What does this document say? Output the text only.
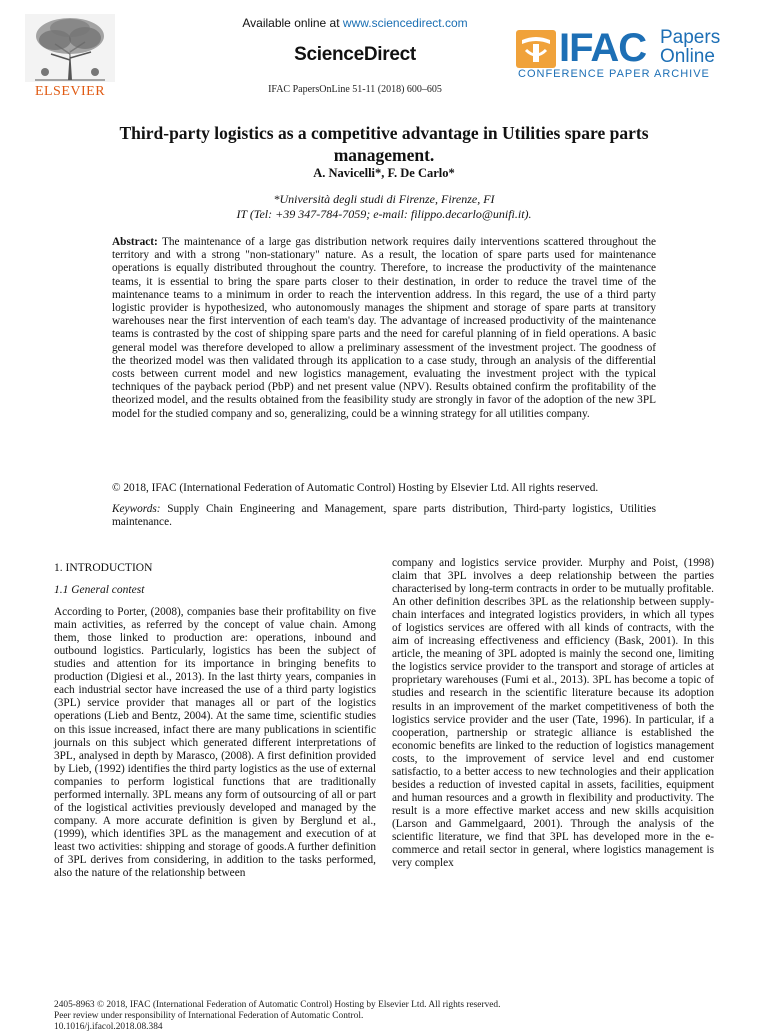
ELSEVIER
Available online at www.sciencedirect.com
ScienceDirect
IFAC PapersOnLine 51-11 (2018) 600–605
IFAC Papers
Online
CONFERENCE PAPER ARCHIVE
Third-party logistics as a competitive advantage in Utilities spare parts management.
A. Navicelli*, F. De Carlo*
*Università degli studi di Firenze, Firenze, FI
IT (Tel: +39 347-784-7059; e-mail: filippo.decarlo@unifi.it).
Abstract: The maintenance of a large gas distribution network requires daily interventions scattered throughout the territory and with a strong "non-stationary" nature. As a result, the location of spare parts used for maintenance operations is equally distributed throughout the country. Therefore, to increase the productivity of the maintenance teams, it is essential to bring the spare parts closer to their destination, in order to reduce the travel time of the maintenance teams to a minimum in order to reach the intervention address. In this regard, the use of a third party logistic provider is hypothesized, who autonomously manages the shipment and storage of spare parts at transitory warehouses near the first intervention of each team's day. The advantage of increased productivity of the maintenance teams is contrasted by the cost of shipping spare parts and the need for careful planning of in field operations. A basic general model was therefore developed to allow a preliminary assessment of the investment project. The goodness of the theorized model was then validated through its application to a case study, through an analysis of the differential costs between current model and new logistics management, evaluating the investment project with the typical techniques of the payback period (PbP) and net present value (NPV). Results obtained confirm the profitability of the theorized model, and the results obtained from the feasibility study are strongly in favor of the adoption of the new 3PL model for the studied company and so, generalizing, could be a winning strategy for all utilities company.
© 2018, IFAC (International Federation of Automatic Control) Hosting by Elsevier Ltd. All rights reserved.
Keywords: Supply Chain Engineering and Management, spare parts distribution, Third-party logistics, Utilities maintenance.
1. INTRODUCTION
1.1 General contest

According to Porter, (2008), companies base their profitability on five main activities, as referred by the concept of value chain. Among them, those linked to production are: operations, inbound and outbound logistics. Particularly, logistics has been the subject of studies and attention for its importance in bringing benefits to production (Digiesi et al., 2013). In the last thirty years, companies in each industrial sector have increased the use of a third party logistics (3PL) service provider that manages all or part of the logistics operations (Lieb and Bentz, 2004). At the same time, scientific studies on this issue increased, infact there are many publications in scientific journals on this subject which generated different interpretations of 3PL, analysed in depth by Marasco, (2008). A first definition provided by Lieb, (1992) identifies the third party logistics as the use of external companies to perform logistical functions that are traditionally performed internally. 3PL means any form of outsourcing of all or part of the logistical activities previously developed and managed by the company. A more accurate definition is given by Berglund et al., (1999), which identifies 3PL as the management and execution of at least two activities: shipping and storage of goods.A further definition of 3PL derives from considering, in addition to the tasks performed, also the nature of the relationship between

company and logistics service provider. Murphy and Poist, (1998) claim that 3PL involves a deep relationship between the parties characterised by long-term contracts in order to be mutually profitable. An other definition describes 3PL as the relationship between supply-chain interfaces and integrated logistics providers, in which all types of logistics services are offered with all kinds of contracts, with the aim of increasing effectiveness and efficiency (Bask, 2001). In this article, the meaning of 3PL adopted is mainly the second one, limiting the logistics service provider to the transport and storage of articles at proprietary warehouses (Fumi et al., 2013). 3PL has become a topic of studies and research in the scientific literature because its adoption results in an improvement of the market competitiveness of both the logistics service provider and the user (Tate, 1996). In particular, if a cooperation, partnership or strategic alliance is established the economic benefits are linked to the reduction of logistics management costs, to the improvement of service level and end customer satisfactio, to a better access to new technologies and their application besides a reduction of invested capital in assets, facilities, equipment and human resources and a growth in flexibility and productivity. The result is a more effective market access and new skills acquisition (Larson and Gammelgaard, 2001). Through the analysis of the scientific literature, we find that 3PL has developed more in the e-commerce and retail sector in general, where logistics management is very complex

2405-8963 © 2018, IFAC (International Federation of Automatic Control) Hosting by Elsevier Ltd. All rights reserved.
Peer review under responsibility of International Federation of Automatic Control.
10.1016/j.ifacol.2018.08.384
